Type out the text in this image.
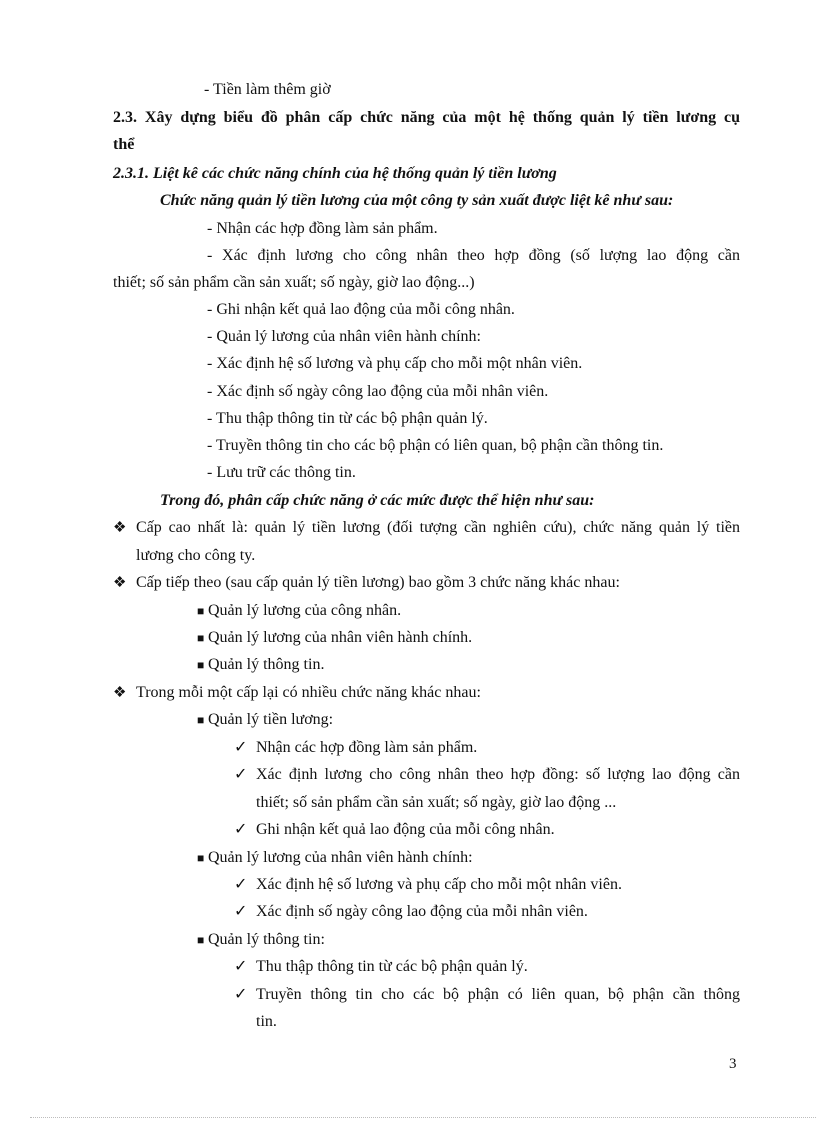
- Tiền làm thêm giờ
2.3. Xây dựng biểu đồ phân cấp chức năng của một hệ thống quản lý tiền lương cụ
thể
2.3.1. Liệt kê các chức năng chính của hệ thống quản lý tiền lương
Chức năng quản lý tiền lương của một công ty sản xuất được liệt kê như sau:
- Nhận các hợp đồng làm sản phẩm.
- Xác định lương cho công nhân theo hợp đồng (số lượng lao động cần
thiết; số sản phẩm cần sản xuất; số ngày, giờ lao động...)
- Ghi nhận kết quả lao động của mỗi công nhân.
- Quản lý lương của nhân viên hành chính:
- Xác định hệ số lương và phụ cấp cho mỗi một nhân viên.
- Xác định số ngày công lao động của mỗi nhân viên.
- Thu thập thông tin từ các bộ phận quản lý.
- Truyền thông tin cho các bộ phận có liên quan, bộ phận cần thông tin.
- Lưu trữ các thông tin.
Trong đó, phân cấp chức năng ở các mức được thể hiện như sau:
❖ Cấp cao nhất là: quản lý tiền lương (đối tượng cần nghiên cứu), chức năng quản lý tiền
lương cho công ty.
❖ Cấp tiếp theo (sau cấp quản lý tiền lương) bao gồm 3 chức năng khác nhau:
■ Quản lý lương của công nhân.
■ Quản lý lương của nhân viên hành chính.
■ Quản lý thông tin.
❖ Trong mỗi một cấp lại có nhiều chức năng khác nhau:
■ Quản lý tiền lương:
✓ Nhận các hợp đồng làm sản phẩm.
✓ Xác định lương cho công nhân theo hợp đồng: số lượng lao động cần
thiết; số sản phẩm cần sản xuất; số ngày, giờ lao động ...
✓ Ghi nhận kết quả lao động của mỗi công nhân.
■ Quản lý lương của nhân viên hành chính:
✓ Xác định hệ số lương và phụ cấp cho mỗi một nhân viên.
✓ Xác định số ngày công lao động của mỗi nhân viên.
■ Quản lý thông tin:
✓ Thu thập thông tin từ các bộ phận quản lý.
✓ Truyền thông tin cho các bộ phận có liên quan, bộ phận cần thông
tin.
3
